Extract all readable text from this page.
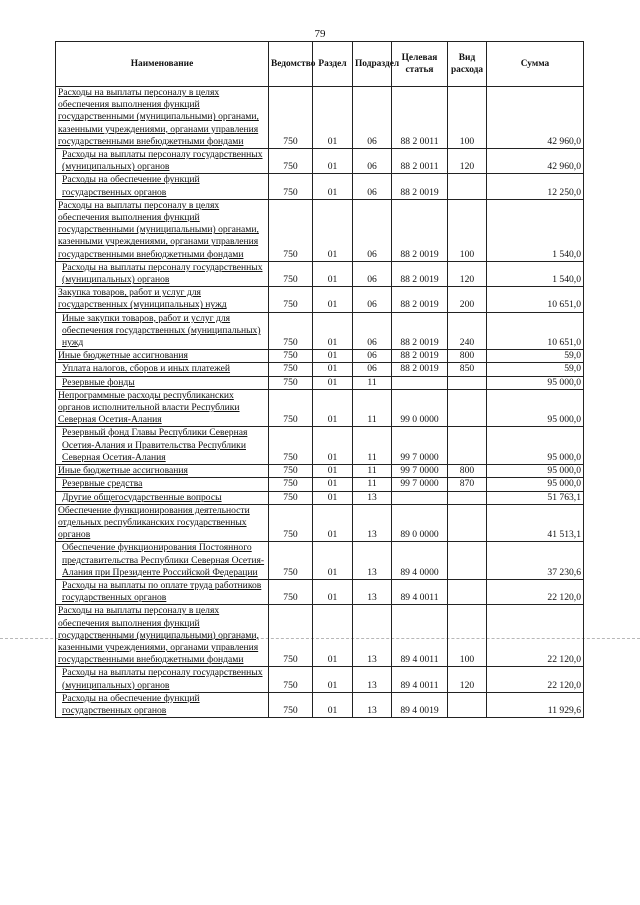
79
Наименование	Ведомство	Раздел	Подраздел	Целевая статья	Вид расхода	Сумма
Расходы на выплаты персоналу в целях обеспечения выполнения функций государственными (муниципальными) органами, казенными учреждениями, органами управления государственными внебюджетными фондами	750	01	06	88 2 0011	100	42 960,0
Расходы на выплаты персоналу государственных (муниципальных) органов	750	01	06	88 2 0011	120	42 960,0
Расходы на обеспечение функций государственных органов	750	01	06	88 2 0019		12 250,0
Расходы на выплаты персоналу в целях обеспечения выполнения функций государственными (муниципальными) органами, казенными учреждениями, органами управления государственными внебюджетными фондами	750	01	06	88 2 0019	100	1 540,0
Расходы на выплаты персоналу государственных (муниципальных) органов	750	01	06	88 2 0019	120	1 540,0
Закупка товаров, работ и услуг для государственных (муниципальных) нужд	750	01	06	88 2 0019	200	10 651,0
Иные закупки товаров, работ и услуг для обеспечения государственных (муниципальных) нужд	750	01	06	88 2 0019	240	10 651,0
Иные бюджетные ассигнования	750	01	06	88 2 0019	800	59,0
Уплата налогов, сборов и иных платежей	750	01	06	88 2 0019	850	59,0
Резервные фонды	750	01	11			95 000,0
Непрограммные расходы республиканских органов исполнительной власти Республики Северная Осетия-Алания	750	01	11	99 0 0000		95 000,0
Резервный фонд Главы Республики Северная Осетия-Алания и Правительства Республики Северная Осетия-Алания	750	01	11	99 7 0000		95 000,0
Иные бюджетные ассигнования	750	01	11	99 7 0000	800	95 000,0
Резервные средства	750	01	11	99 7 0000	870	95 000,0
Другие общегосударственные вопросы	750	01	13			51 763,1
Обеспечение функционирования деятельности отдельных республиканских государственных органов	750	01	13	89 0 0000		41 513,1
Обеспечение функционирования Постоянного представительства Республики Северная Осетия-Алания при Президенте Российской Федерации	750	01	13	89 4 0000		37 230,6
Расходы на выплаты по оплате труда работников государственных органов	750	01	13	89 4 0011		22 120,0
Расходы на выплаты персоналу в целях обеспечения выполнения функций государственными (муниципальными) органами, казенными учреждениями, органами управления государственными внебюджетными фондами	750	01	13	89 4 0011	100	22 120,0
Расходы на выплаты персоналу государственных (муниципальных) органов	750	01	13	89 4 0011	120	22 120,0
Расходы на обеспечение функций государственных органов	750	01	13	89 4 0019		11 929,6
